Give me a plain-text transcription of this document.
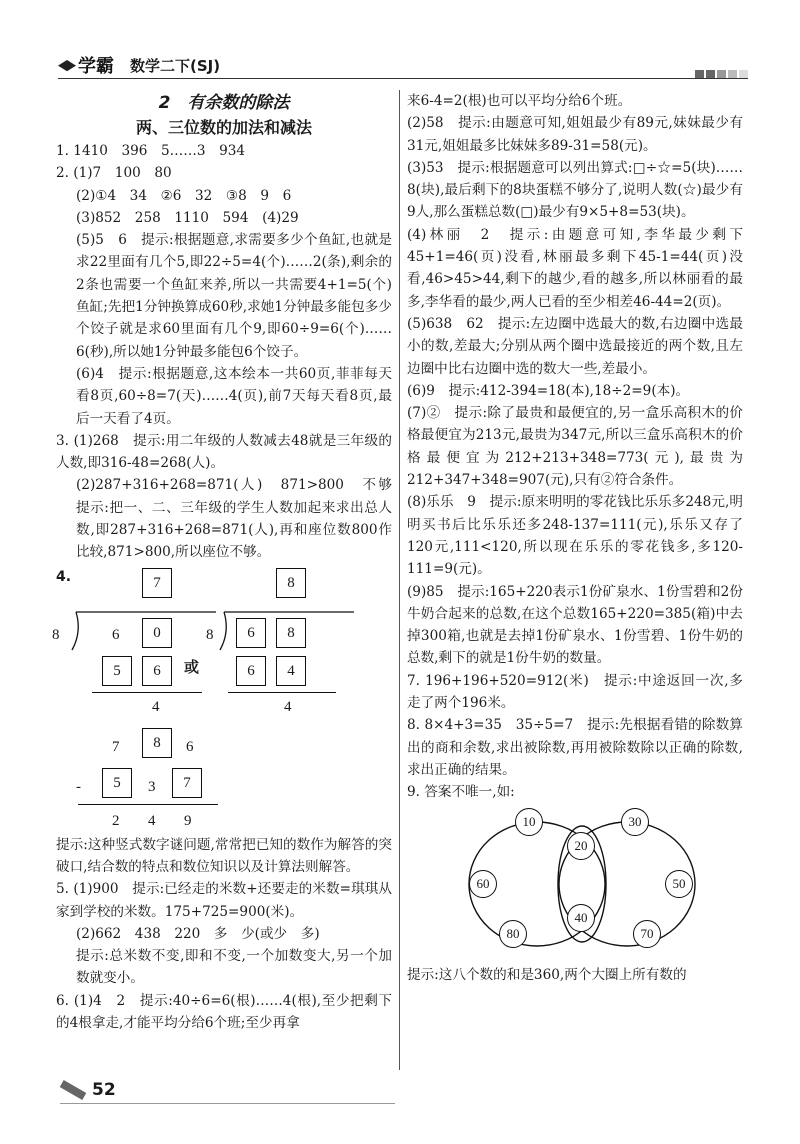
学霸 数学二下(SJ)
2　有余数的除法
两、三位数的加法和减法

1. 1410　396　5……3　934

2. (1)7　100　80

(2)①4　34　②6　32　③8　9　6

(3)852　258　1110　594　(4)29

(5)5　6　提示:根据题意,求需要多少个鱼缸,也就是求22里面有几个5,即22÷5=4(个)……2(条),剩余的2条也需要一个鱼缸来养,所以一共需要4+1=5(个)鱼缸;先把1分钟换算成60秒,求她1分钟最多能包多少个饺子就是求60里面有几个9,即60÷9=6(个)……6(秒),所以她1分钟最多能包6个饺子。

(6)4　提示:根据题意,这本绘本一共60页,菲菲每天看8页,60÷8=7(天)……4(页),前7天每天看8页,最后一天看了4页。

3. (1)268　提示:用二年级的人数减去48就是三年级的人数,即316-48=268(人)。

(2)287+316+268=871(人)　871>800　不够　提示:把一、二、三年级的学生人数加起来求出总人数,即287+316+268=871(人),再和座位数800作比较,871>800,所以座位不够。

4.	7
8	6	0
5	6
4
或
8
8	6	8
6	4
4
7	8	6
-	5	3	7
2 4 9

提示:这种竖式数字谜问题,常常把已知的数作为解答的突破口,结合数的特点和数位知识以及计算法则解答。

5. (1)900　提示:已经走的米数+还要走的米数=琪琪从家到学校的米数。175+725=900(米)。

(2)662　438　220　多　少(或少　多)

提示:总米数不变,即和不变,一个加数变大,另一个加数就变小。

6. (1)4　2　提示:40÷6=6(根)……4(根),至少把剩下的4根拿走,才能平均分给6个班;至少再拿

来6-4=2(根)也可以平均分给6个班。

(2)58　提示:由题意可知,姐姐最少有89元,妹妹最少有31元,姐姐最多比妹妹多89-31=58(元)。

(3)53　提示:根据题意可以列出算式:□÷☆=5(块)……8(块),最后剩下的8块蛋糕不够分了,说明人数(☆)最少有9人,那么蛋糕总数(□)最少有9×5+8=53(块)。

(4)林丽　2　提示:由题意可知,李华最少剩下45+1=46(页)没看,林丽最多剩下45-1=44(页)没看,46>45>44,剩下的越少,看的越多,所以林丽看的最多,李华看的最少,两人已看的至少相差46-44=2(页)。

(5)638　62　提示:左边圈中选最大的数,右边圈中选最小的数,差最大;分别从两个圈中选最接近的两个数,且左边圈中比右边圈中选的数大一些,差最小。

(6)9　提示:412-394=18(本),18÷2=9(本)。

(7)②　提示:除了最贵和最便宜的,另一盒乐高积木的价格最便宜为213元,最贵为347元,所以三盒乐高积木的价格最便宜为212+213+348=773(元),最贵为212+347+348=907(元),只有②符合条件。

(8)乐乐　9　提示:原来明明的零花钱比乐乐多248元,明明买书后比乐乐还多248-137=111(元),乐乐又存了120元,111<120,所以现在乐乐的零花钱多,多120-111=9(元)。

(9)85　提示:165+220表示1份矿泉水、1份雪碧和2份牛奶合起来的总数,在这个总数165+220=385(箱)中去掉300箱,也就是去掉1份矿泉水、1份雪碧、1份牛奶的总数,剩下的就是1份牛奶的数量。

7. 196+196+520=912(米)　提示:中途返回一次,多走了两个196米。

8. 8×4+3=35　35÷5=7　提示:先根据看错的除数算出的商和余数,求出被除数,再用被除数除以正确的除数,求出正确的结果。

9. 答案不唯一,如:

10	30
20
60	50
80
40
70

提示:这八个数的和是360,两个大圈上所有数的

52
